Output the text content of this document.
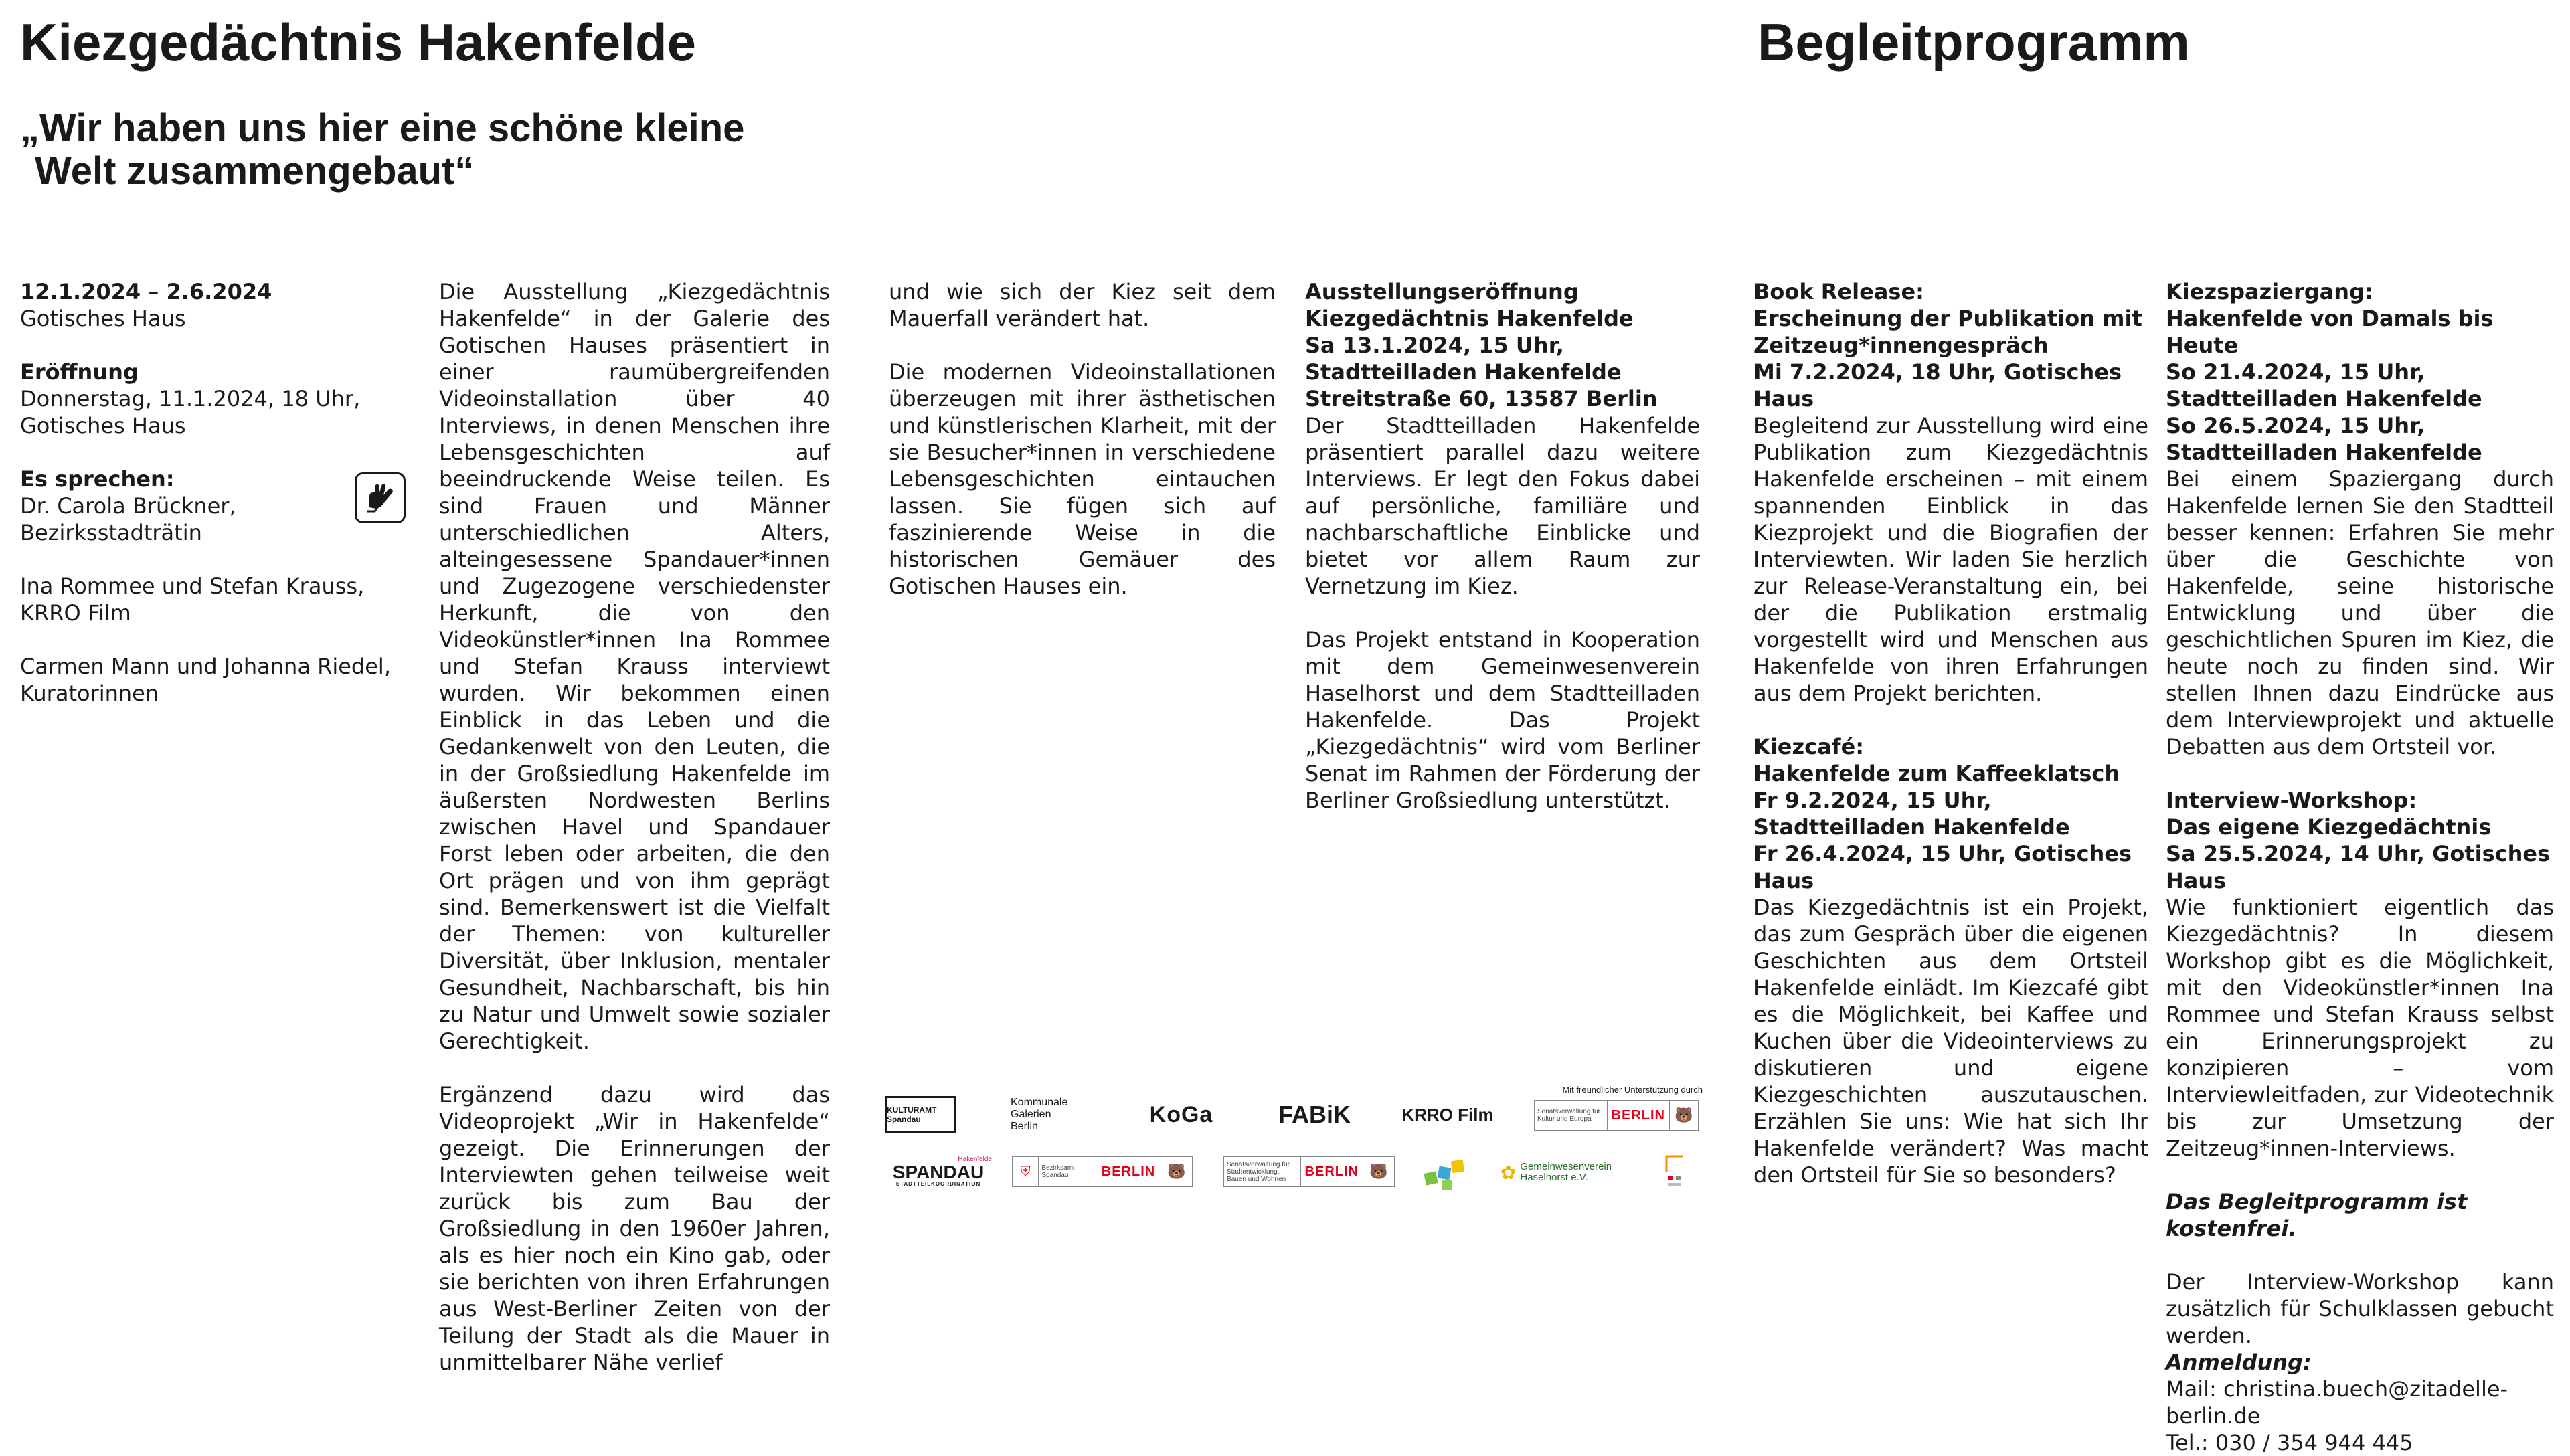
Kiezgedächtnis Hakenfelde	Begleitprogramm
„Wir haben uns hier eine schöne kleine
Welt zusammengebaut“
12.1.2024 – 2.6.2024
Gotisches Haus
Eröffnung
Donnerstag, 11.1.2024, 18 Uhr,
Gotisches Haus
Es sprechen:
Dr. Carola Brückner,
Bezirksstadträtin
Ina Rommee und Stefan Krauss,
KRRO Film
Carmen Mann und Johanna Riedel,
Kuratorinnen

Die Ausstellung „Kiezgedächtnis Hakenfelde“ in der Galerie des Gotischen Hauses präsentiert in einer raumübergreifenden Videoinstallation über 40 Interviews, in denen Menschen ihre Lebensgeschichten auf beeindruckende Weise teilen. Es sind Frauen und Männer unterschiedlichen Alters, alteingesessene Spandauer*innen und Zugezogene verschiedenster Herkunft, die von den Videokünstler*innen Ina Rommee und Stefan Krauss interviewt wurden. Wir bekommen einen Einblick in das Leben und die Gedankenwelt von den Leuten, die in der Großsiedlung Hakenfelde im äußersten Nordwesten Berlins zwischen Havel und Spandauer Forst leben oder arbeiten, die den Ort prägen und von ihm geprägt sind. Bemerkenswert ist die Vielfalt der Themen: von kultureller Diversität, über Inklusion, mentaler Gesundheit, Nachbarschaft, bis hin zu Natur und Umwelt sowie sozialer Gerechtigkeit.

Ergänzend dazu wird das Videoprojekt „Wir in Hakenfelde“ gezeigt. Die Erinnerungen der Interviewten gehen teilweise weit zurück bis zum Bau der Großsiedlung in den 1960er Jahren, als es hier noch ein Kino gab, oder sie berichten von ihren Erfahrungen aus West-Berliner Zeiten von der Teilung der Stadt als die Mauer in unmittelbarer Nähe verlief

und wie sich der Kiez seit dem Mauerfall verändert hat.

Die modernen Videoinstallationen überzeugen mit ihrer ästhetischen und künstlerischen Klarheit, mit der sie Besucher*innen in verschiedene Lebensgeschichten eintauchen lassen. Sie fügen sich auf faszinierende Weise in die historischen Gemäuer des Gotischen Hauses ein.

Ausstellungseröffnung
Kiezgedächtnis Hakenfelde
Sa 13.1.2024, 15 Uhr,
Stadtteilladen Hakenfelde
Streitstraße 60, 13587 Berlin

Der Stadtteilladen Hakenfelde präsentiert parallel dazu weitere Interviews. Er legt den Fokus dabei auf persönliche, familiäre und nachbarschaftliche Einblicke und bietet vor allem Raum zur Vernetzung im Kiez.

Das Projekt entstand in Kooperation mit dem Gemeinwesenverein Haselhorst und dem Stadtteilladen Hakenfelde. Das Projekt „Kiezgedächtnis“ wird vom Berliner Senat im Rahmen der Förderung der Berliner Großsiedlung unterstützt.

Book Release:
Erscheinung der Publikation mit
Zeitzeug*innengespräch
Mi 7.2.2024, 18 Uhr, Gotisches Haus

Begleitend zur Ausstellung wird eine Publikation zum Kiezgedächtnis Hakenfelde erscheinen – mit einem spannenden Einblick in das Kiezprojekt und die Biografien der Interviewten. Wir laden Sie herzlich zur Release-Veranstaltung ein, bei der die Publikation erstmalig vorgestellt wird und Menschen aus Hakenfelde von ihren Erfahrungen aus dem Projekt berichten.

Kiezcafé:
Hakenfelde zum Kaffeeklatsch
Fr 9.2.2024, 15 Uhr,
Stadtteilladen Hakenfelde
Fr 26.4.2024, 15 Uhr, Gotisches Haus

Das Kiezgedächtnis ist ein Projekt, das zum Gespräch über die eigenen Geschichten aus dem Ortsteil Hakenfelde einlädt. Im Kiezcafé gibt es die Möglichkeit, bei Kaffee und Kuchen über die Videointerviews zu diskutieren und eigene Kiezgeschichten auszutauschen. Erzählen Sie uns: Wie hat sich Ihr Hakenfelde verändert? Was macht den Ortsteil für Sie so besonders?

Kiezspaziergang:
Hakenfelde von Damals bis Heute
So 21.4.2024, 15 Uhr,
Stadtteilladen Hakenfelde
So 26.5.2024, 15 Uhr,
Stadtteilladen Hakenfelde

Bei einem Spaziergang durch Hakenfelde lernen Sie den Stadtteil besser kennen: Erfahren Sie mehr über die Geschichte von Hakenfelde, seine historische Entwicklung und über die geschichtlichen Spuren im Kiez, die heute noch zu finden sind. Wir stellen Ihnen dazu Eindrücke aus dem Interviewprojekt und aktuelle Debatten aus dem Ortsteil vor.

Interview-Workshop:
Das eigene Kiezgedächtnis
Sa 25.5.2024, 14 Uhr, Gotisches Haus

Wie funktioniert eigentlich das Kiezgedächtnis? In diesem Workshop gibt es die Möglichkeit, mit den Videokünstler*innen Ina Rommee und Stefan Krauss selbst ein Erinnerungsprojekt zu konzipieren – vom Interviewleitfaden, zur Videotechnik bis zur Umsetzung der Zeitzeug*innen-Interviews.

Das Begleitprogramm ist kostenfrei.

Der Interview-Workshop kann zusätzlich für Schulklassen gebucht werden.

Anmeldung:

Mail: christina.buech@zitadelle-berlin.de

Tel.: 030 / 354 944 445

KULTURAMT Spandau
Kommunale
Galerien
Berlin	KoGa	FABiK	KRRO Film
Mit freundlicher Unterstützung durch
Senatsverwaltung für Kultur und Europa	BERLIN 🐻
Hakenfelde
SPANDAU
STADTTEILKOORDINATION
⛨	Bezirksamt Spandau	BERLIN 🐻	Senatsverwaltung für Stadtentwicklung, Bauen und Wohnen
BERLIN 🐻	✿ Gemeinwesenverein
Haselhorst e.V.
